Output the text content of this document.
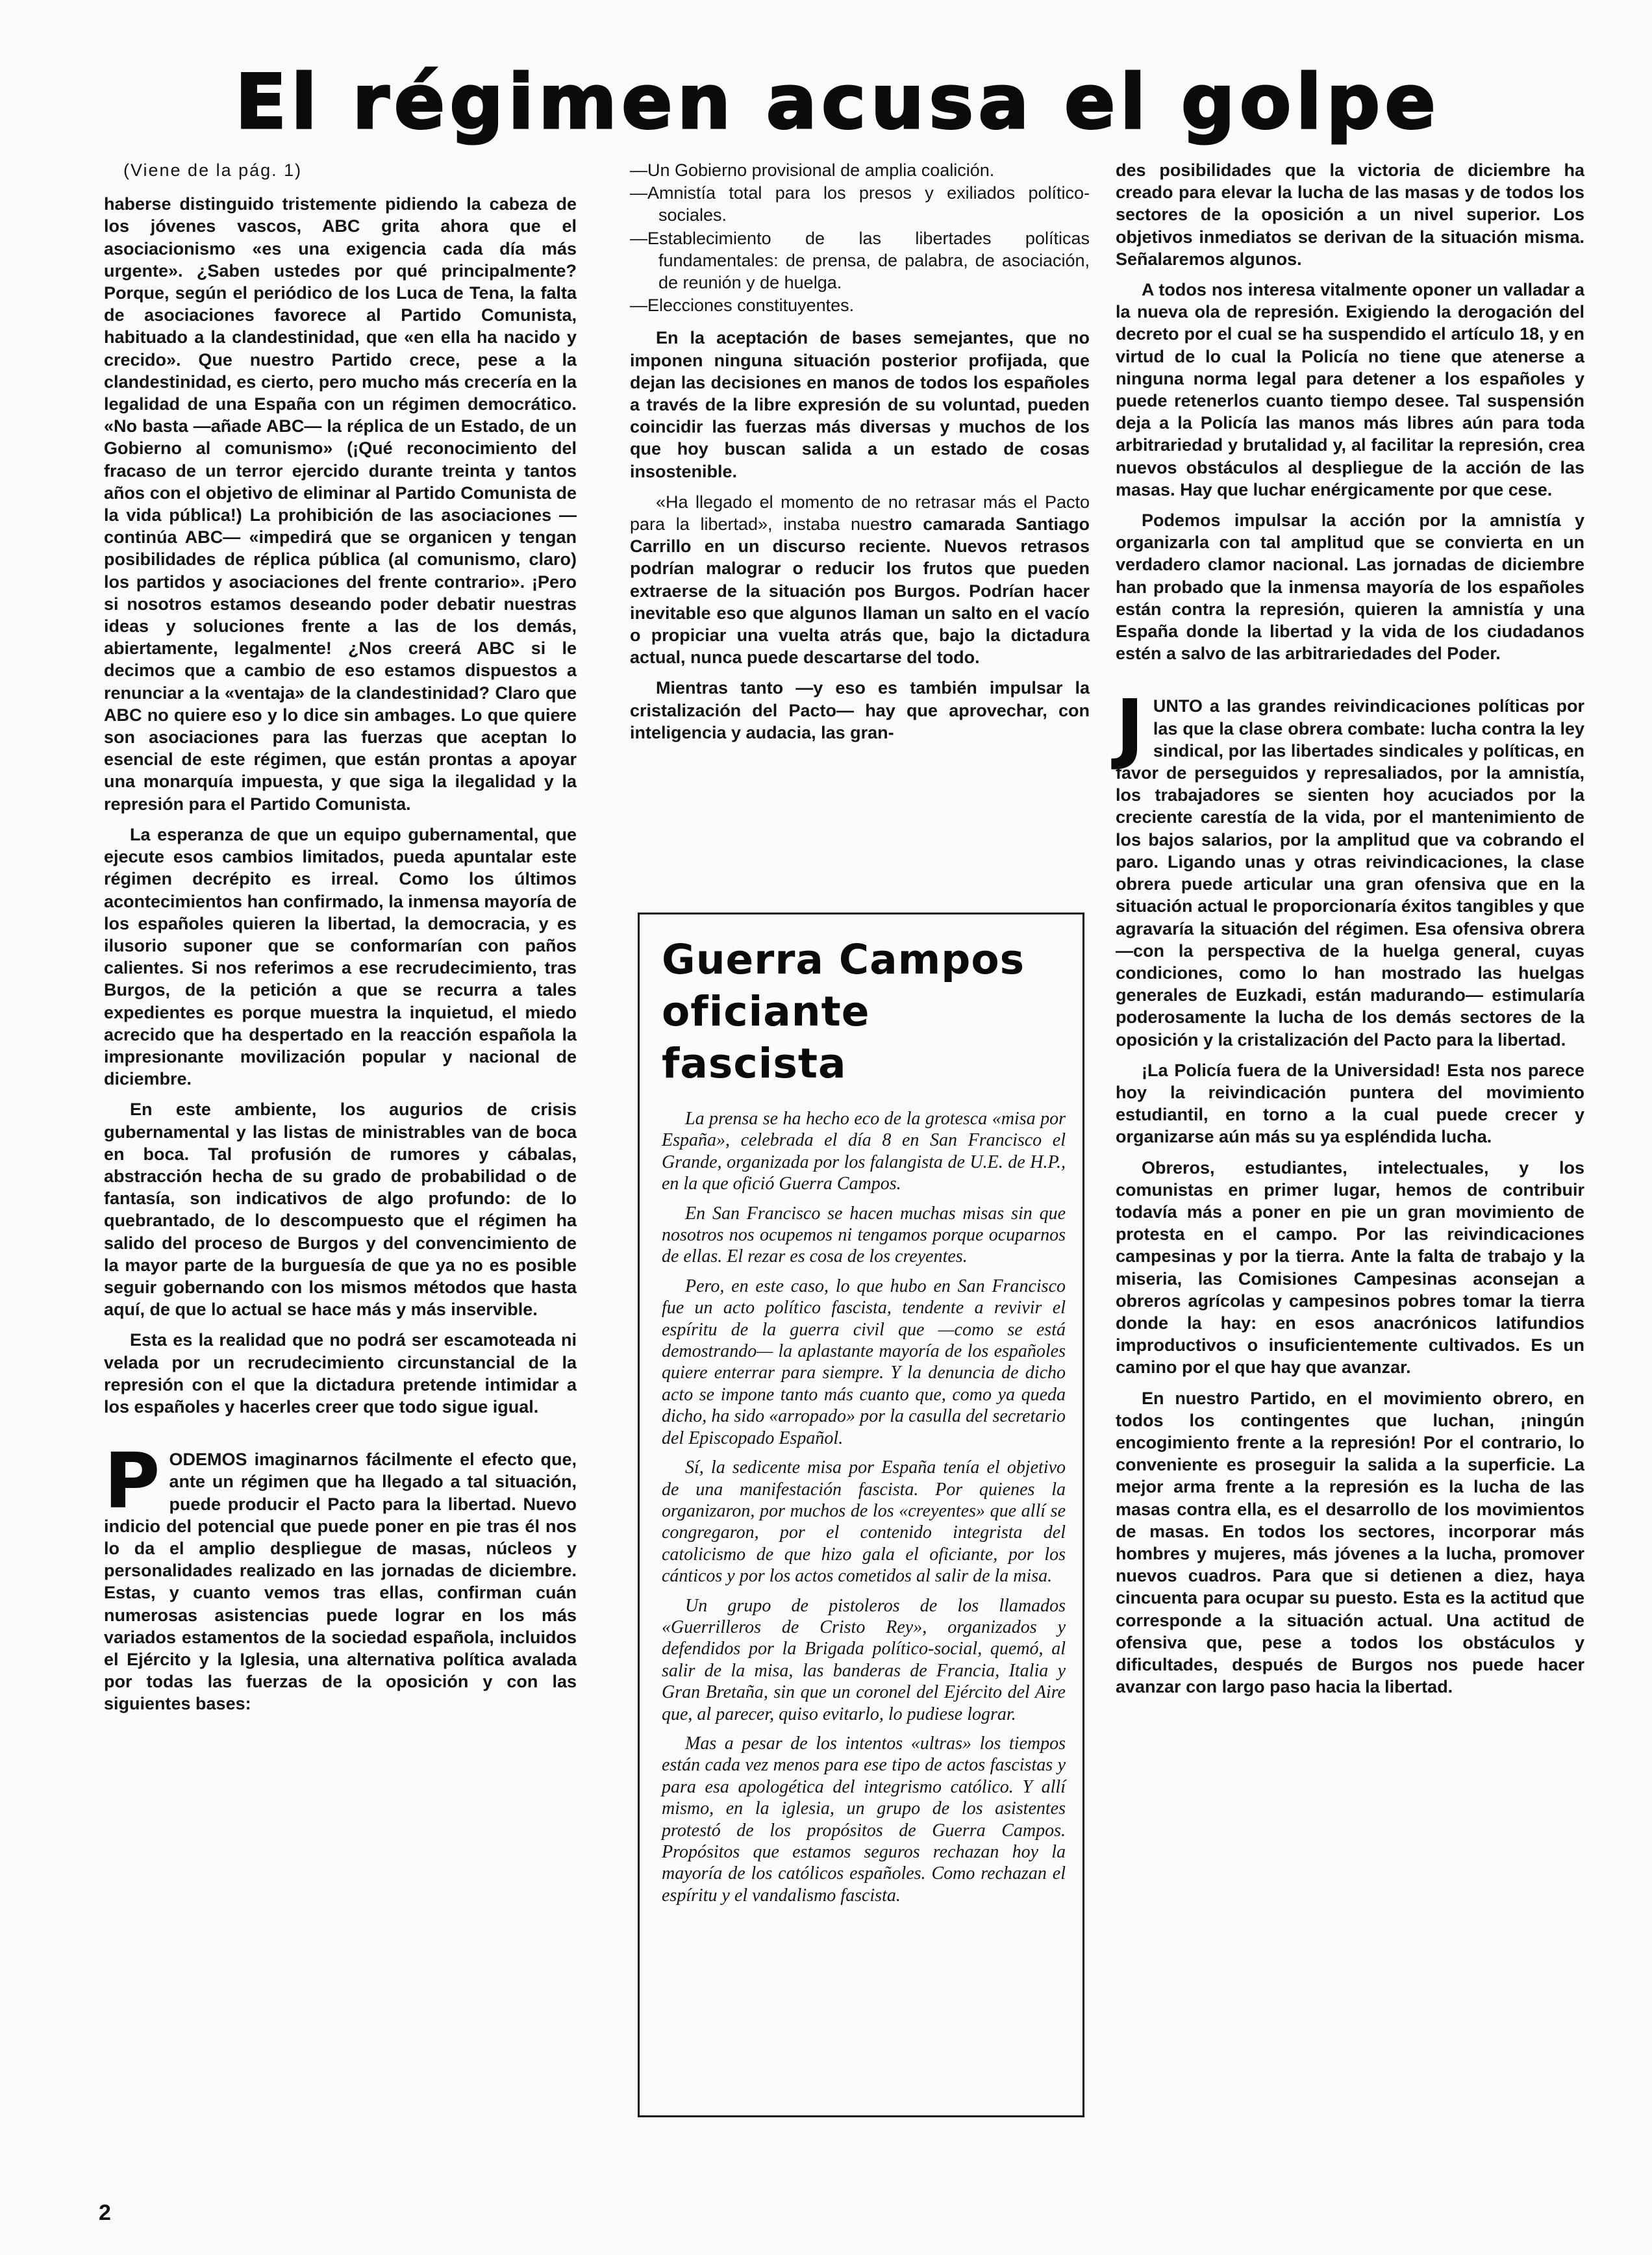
El régimen acusa el golpe

(Viene de la pág. 1)

haberse distinguido tristemente pidiendo la cabeza de los jóvenes vascos, ABC grita ahora que el asociacionismo «es una exigencia cada día más urgente». ¿Saben ustedes por qué principalmente? Porque, según el periódico de los Luca de Tena, la falta de asociaciones favorece al Partido Comunista, habituado a la clandestinidad, que «en ella ha nacido y crecido». Que nuestro Partido crece, pese a la clandestinidad, es cierto, pero mucho más crecería en la legalidad de una España con un régimen democrático. «No basta —añade ABC— la réplica de un Estado, de un Gobierno al comunismo» (¡Qué reconocimiento del fracaso de un terror ejercido durante treinta y tantos años con el objetivo de eliminar al Partido Comunista de la vida pública!) La prohibición de las asociaciones —continúa ABC— «impedirá que se organicen y tengan posibilidades de réplica pública (al comunismo, claro) los partidos y asociaciones del frente contrario». ¡Pero si nosotros estamos deseando poder debatir nuestras ideas y soluciones frente a las de los demás, abiertamente, legalmente! ¿Nos creerá ABC si le decimos que a cambio de eso estamos dispuestos a renunciar a la «ventaja» de la clandestinidad? Claro que ABC no quiere eso y lo dice sin ambages. Lo que quiere son asociaciones para las fuerzas que aceptan lo esencial de este régimen, que están prontas a apoyar una monarquía impuesta, y que siga la ilegalidad y la represión para el Partido Comunista.

La esperanza de que un equipo gubernamental, que ejecute esos cambios limitados, pueda apuntalar este régimen decrépito es irreal. Como los últimos acontecimientos han confirmado, la inmensa mayoría de los españoles quieren la libertad, la democracia, y es ilusorio suponer que se conformarían con paños calientes. Si nos referimos a ese recrudecimiento, tras Burgos, de la petición a que se recurra a tales expedientes es porque muestra la inquietud, el miedo acrecido que ha despertado en la reacción española la impresionante movilización popular y nacional de diciembre.

En este ambiente, los augurios de crisis gubernamental y las listas de ministrables van de boca en boca. Tal profusión de rumores y cábalas, abstracción hecha de su grado de probabilidad o de fantasía, son indicativos de algo profundo: de lo quebrantado, de lo descompuesto que el régimen ha salido del proceso de Burgos y del convencimiento de la mayor parte de la burguesía de que ya no es posible seguir gobernando con los mismos métodos que hasta aquí, de que lo actual se hace más y más inservible.

Esta es la realidad que no podrá ser escamoteada ni velada por un recrudecimiento circunstancial de la represión con el que la dictadura pretende intimidar a los españoles y hacerles creer que todo sigue igual.

PODEMOS imaginarnos fácilmente el efecto que, ante un régimen que ha llegado a tal situación, puede producir el Pacto para la libertad. Nuevo indicio del potencial que puede poner en pie tras él nos lo da el amplio despliegue de masas, núcleos y personalidades realizado en las jornadas de diciembre. Estas, y cuanto vemos tras ellas, confirman cuán numerosas asistencias puede lograr en los más variados estamentos de la sociedad española, incluidos el Ejército y la Iglesia, una alternativa política avalada por todas las fuerzas de la oposición y con las siguientes bases:

—Un Gobierno provisional de amplia coalición.
—Amnistía total para los presos y exiliados político-sociales.
—Establecimiento de las libertades políticas fundamentales: de prensa, de palabra, de asociación, de reunión y de huelga.
—Elecciones constituyentes.

En la aceptación de bases semejantes, que no imponen ninguna situación posterior profijada, que dejan las decisiones en manos de todos los españoles a través de la libre expresión de su voluntad, pueden coincidir las fuerzas más diversas y muchos de los que hoy buscan salida a un estado de cosas insostenible.

«Ha llegado el momento de no retrasar más el Pacto para la libertad», instaba nuestro camarada Santiago Carrillo en un discurso reciente. Nuevos retrasos podrían malograr o reducir los frutos que pueden extraerse de la situación pos Burgos. Podrían hacer inevitable eso que algunos llaman un salto en el vacío o propiciar una vuelta atrás que, bajo la dictadura actual, nunca puede descartarse del todo.

Mientras tanto —y eso es también impulsar la cristalización del Pacto— hay que aprovechar, con inteligencia y audacia, las gran-

Guerra Campos
oficiante fascista

La prensa se ha hecho eco de la grotesca «misa por España», celebrada el día 8 en San Francisco el Grande, organizada por los falangista de U.E. de H.P., en la que ofició Guerra Campos.

En San Francisco se hacen muchas misas sin que nosotros nos ocupemos ni tengamos porque ocuparnos de ellas. El rezar es cosa de los creyentes.

Pero, en este caso, lo que hubo en San Francisco fue un acto político fascista, tendente a revivir el espíritu de la guerra civil que —como se está demostrando— la aplastante mayoría de los españoles quiere enterrar para siempre. Y la denuncia de dicho acto se impone tanto más cuanto que, como ya queda dicho, ha sido «arropado» por la casulla del secretario del Episcopado Español.

Sí, la sedicente misa por España tenía el objetivo de una manifestación fascista. Por quienes la organizaron, por muchos de los «creyentes» que allí se congregaron, por el contenido integrista del catolicismo de que hizo gala el oficiante, por los cánticos y por los actos cometidos al salir de la misa.

Un grupo de pistoleros de los llamados «Guerrilleros de Cristo Rey», organizados y defendidos por la Brigada político-social, quemó, al salir de la misa, las banderas de Francia, Italia y Gran Bretaña, sin que un coronel del Ejército del Aire que, al parecer, quiso evitarlo, lo pudiese lograr.

Mas a pesar de los intentos «ultras» los tiempos están cada vez menos para ese tipo de actos fascistas y para esa apologética del integrismo católico. Y allí mismo, en la iglesia, un grupo de los asistentes protestó de los propósitos de Guerra Campos. Propósitos que estamos seguros rechazan hoy la mayoría de los católicos españoles. Como rechazan el espíritu y el vandalismo fascista.

des posibilidades que la victoria de diciembre ha creado para elevar la lucha de las masas y de todos los sectores de la oposición a un nivel superior. Los objetivos inmediatos se derivan de la situación misma. Señalaremos algunos.

A todos nos interesa vitalmente oponer un valladar a la nueva ola de represión. Exigiendo la derogación del decreto por el cual se ha suspendido el artículo 18, y en virtud de lo cual la Policía no tiene que atenerse a ninguna norma legal para detener a los españoles y puede retenerlos cuanto tiempo desee. Tal suspensión deja a la Policía las manos más libres aún para toda arbitrariedad y brutalidad y, al facilitar la represión, crea nuevos obstáculos al despliegue de la acción de las masas. Hay que luchar enérgicamente por que cese.

Podemos impulsar la acción por la amnistía y organizarla con tal amplitud que se convierta en un verdadero clamor nacional. Las jornadas de diciembre han probado que la inmensa mayoría de los españoles están contra la represión, quieren la amnistía y una España donde la libertad y la vida de los ciudadanos estén a salvo de las arbitrariedades del Poder.

JUNTO a las grandes reivindicaciones políticas por las que la clase obrera combate: lucha contra la ley sindical, por las libertades sindicales y políticas, en favor de perseguidos y represaliados, por la amnistía, los trabajadores se sienten hoy acuciados por la creciente carestía de la vida, por el mantenimiento de los bajos salarios, por la amplitud que va cobrando el paro. Ligando unas y otras reivindicaciones, la clase obrera puede articular una gran ofensiva que en la situación actual le proporcionaría éxitos tangibles y que agravaría la situación del régimen. Esa ofensiva obrera —con la perspectiva de la huelga general, cuyas condiciones, como lo han mostrado las huelgas generales de Euzkadi, están madurando— estimularía poderosamente la lucha de los demás sectores de la oposición y la cristalización del Pacto para la libertad.

¡La Policía fuera de la Universidad! Esta nos parece hoy la reivindicación puntera del movimiento estudiantil, en torno a la cual puede crecer y organizarse aún más su ya espléndida lucha.

Obreros, estudiantes, intelectuales, y los comunistas en primer lugar, hemos de contribuir todavía más a poner en pie un gran movimiento de protesta en el campo. Por las reivindicaciones campesinas y por la tierra. Ante la falta de trabajo y la miseria, las Comisiones Campesinas aconsejan a obreros agrícolas y campesinos pobres tomar la tierra donde la hay: en esos anacrónicos latifundios improductivos o insuficientemente cultivados. Es un camino por el que hay que avanzar.

En nuestro Partido, en el movimiento obrero, en todos los contingentes que luchan, ¡ningún encogimiento frente a la represión! Por el contrario, lo conveniente es proseguir la salida a la superficie. La mejor arma frente a la represión es la lucha de las masas contra ella, es el desarrollo de los movimientos de masas. En todos los sectores, incorporar más hombres y mujeres, más jóvenes a la lucha, promover nuevos cuadros. Para que si detienen a diez, haya cincuenta para ocupar su puesto. Esta es la actitud que corresponde a la situación actual. Una actitud de ofensiva que, pese a todos los obstáculos y dificultades, después de Burgos nos puede hacer avanzar con largo paso hacia la libertad.

2
